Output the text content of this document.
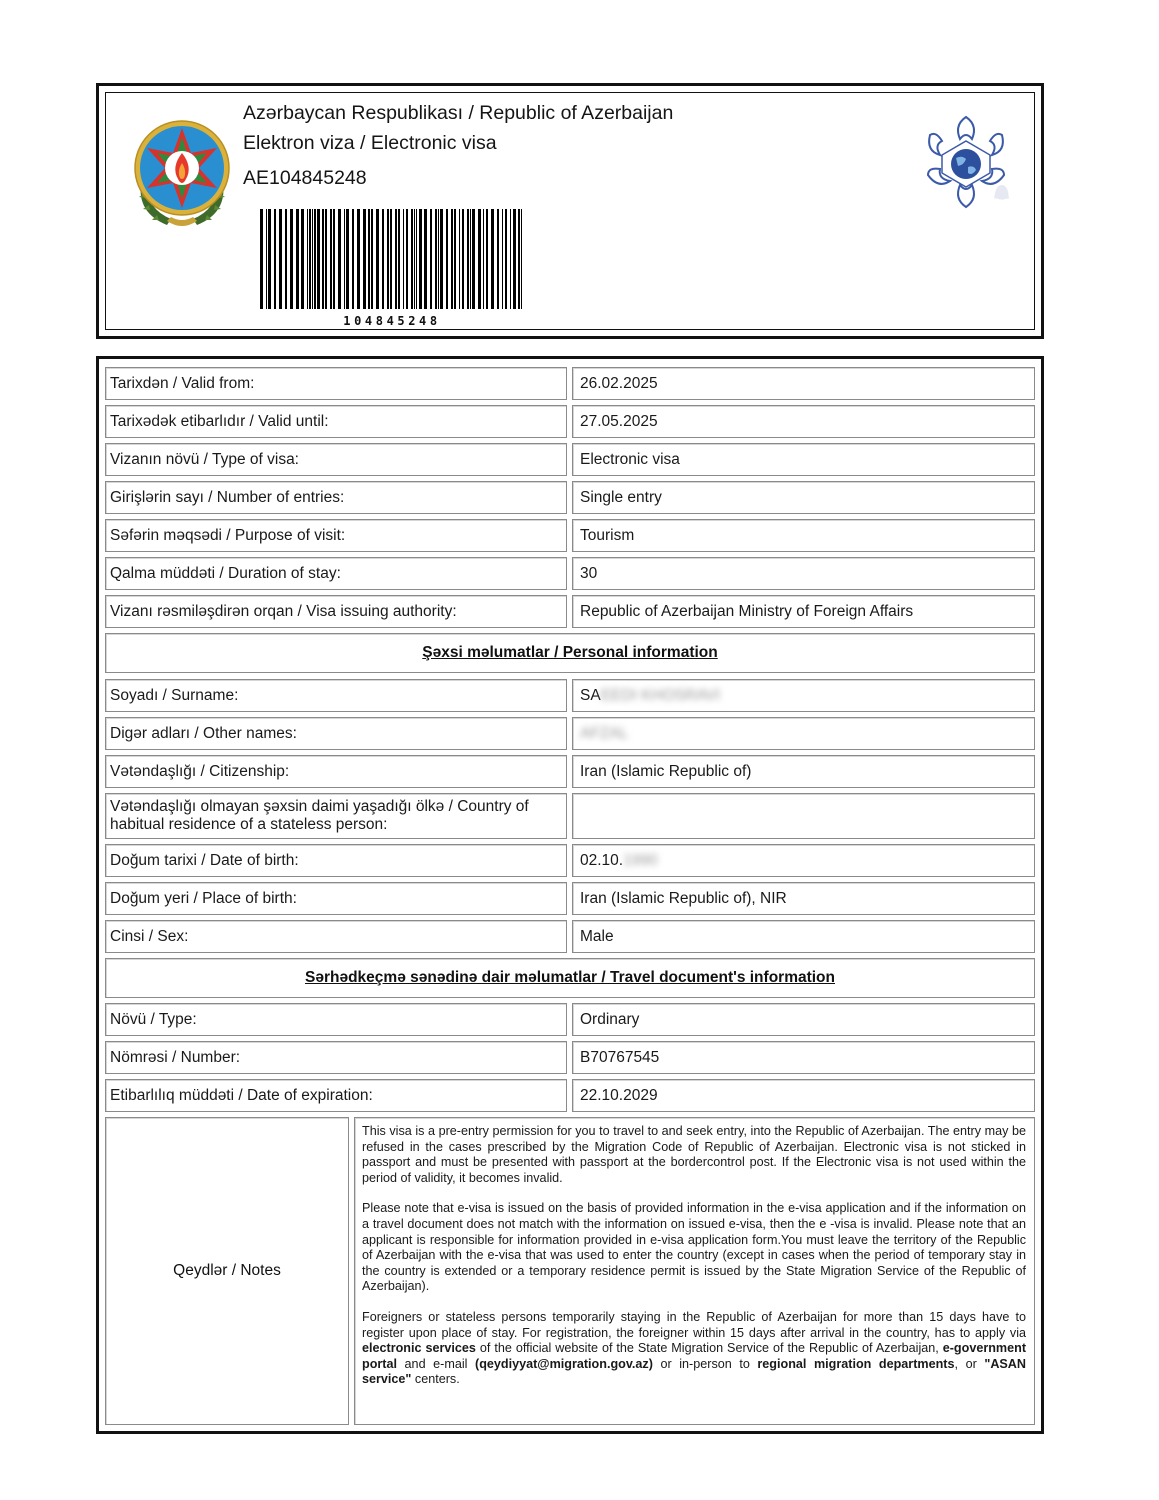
Azərbaycan Respublikası / Republic of Azerbaijan
Elektron viza / Electronic visa
AE104845248
104845248
Tarixdən / Valid from:	26.02.2025
Tarixədək etibarlıdır / Valid until:	27.05.2025
Vizanın növü / Type of visa:	Electronic visa
Girişlərin sayı / Number of entries:	Single entry
Səfərin məqsədi / Purpose of visit:	Tourism
Qalma müddəti / Duration of stay:	30
Vizanı rəsmiləşdirən orqan / Visa issuing authority:	Republic of Azerbaijan Ministry of Foreign Affairs
Şəxsi məlumatlar / Personal information
Soyadı / Surname:	SA EEDI KHOSRAVI
Digər adları / Other names:	AFZAL
Vətəndaşlığı / Citizenship:	Iran (Islamic Republic of)
Vətəndaşlığı olmayan şəxsin daimi yaşadığı ölkə / Country of habitual residence of a stateless person:
Doğum tarixi / Date of birth:	02.10. 1990
Doğum yeri / Place of birth:	Iran (Islamic Republic of), NIR
Cinsi / Sex:	Male
Sərhədkeçmə sənədinə dair məlumatlar / Travel document's information
Növü / Type:	Ordinary
Nömrəsi / Number:	B70767545
Etibarlılıq müddəti / Date of expiration:	22.10.2029
Qeydlər / Notes

This visa is a pre-entry permission for you to travel to and seek entry, into the Republic of Azerbaijan. The entry may be refused in the cases prescribed by the Migration Code of Republic of Azerbaijan. Electronic visa is not sticked in passport and must be presented with passport at the bordercontrol post. If the Electronic visa is not used within the period of validity, it becomes invalid.

Please note that e-visa is issued on the basis of provided information in the e-visa application and if the information on a travel document does not match with the information on issued e-visa, then the e -visa is invalid. Please note that an applicant is responsible for information provided in e-visa application form.You must leave the territory of the Republic of Azerbaijan with the e-visa that was used to enter the country (except in cases when the period of temporary stay in the country is extended or a temporary residence permit is issued by the State Migration Service of the Republic of Azerbaijan).

Foreigners or stateless persons temporarily staying in the Republic of Azerbaijan for more than 15 days have to register upon place of stay. For registration, the foreigner within 15 days after arrival in the country, has to apply via electronic services of the official website of the State Migration Service of the Republic of Azerbaijan, e-government portal and e-mail (qeydiyyat@migration.gov.az) or in-person to regional migration departments, or "ASAN service" centers.
